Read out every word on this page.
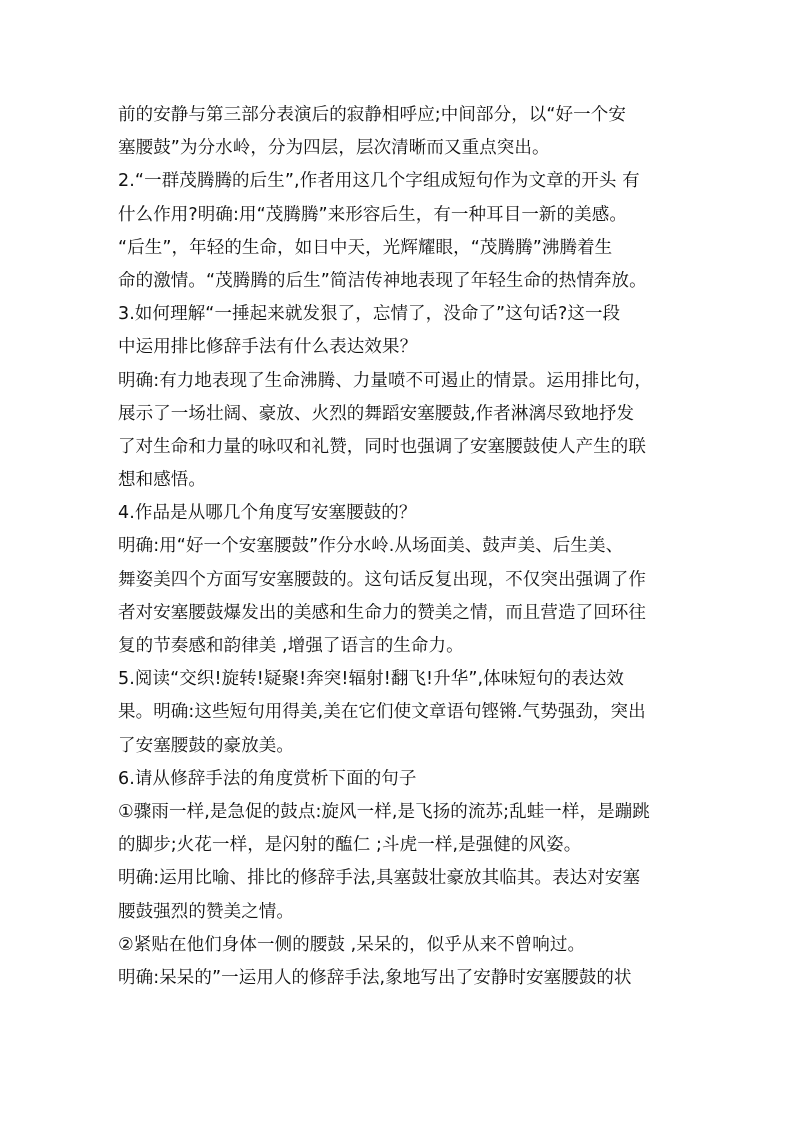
前的安静与第三部分表演后的寂静相呼应;中间部分，以“好一个安
塞腰鼓”为分水岭，分为四层，层次清晰而又重点突出。
2.“一群茂腾腾的后生”,作者用这几个字组成短句作为文章的开头 有
什么作用?明确:用“茂腾腾”来形容后生，有一种耳目一新的美感。
“后生”，年轻的生命，如日中天，光辉耀眼，“茂腾腾”沸腾着生
命的激情。“茂腾腾的后生”简洁传神地表现了年轻生命的热情奔放。
3.如何理解“一捶起来就发狠了，忘情了，没命了”这句话?这一段
中运用排比修辞手法有什么表达效果？
明确:有力地表现了生命沸腾、力量喷不可遏止的情景。运用排比句，
展示了一场壮阔、豪放、火烈的舞蹈安塞腰鼓,作者淋漓尽致地抒发
了对生命和力量的咏叹和礼赞，同时也强调了安塞腰鼓使人产生的联
想和感悟。
4.作品是从哪几个角度写安塞腰鼓的？
明确:用“好一个安塞腰鼓”作分水岭.从场面美、鼓声美、后生美、
舞姿美四个方面写安塞腰鼓的。这句话反复出现，不仅突出强调了作
者对安塞腰鼓爆发出的美感和生命力的赞美之情，而且营造了回环往
复的节奏感和韵律美 ,增强了语言的生命力。
5.阅读“交织!旋转!疑聚!奔突!辐射!翻飞!升华”,体味短句的表达效
果。明确:这些短句用得美,美在它们使文章语句铿锵.气势强劲，突出
了安塞腰鼓的豪放美。
6.请从修辞手法的角度赏析下面的句子
①骤雨一样,是急促的鼓点:旋风一样,是飞扬的流苏;乱蛙一样，是蹦跳
的脚步;火花一样，是闪射的醢仁 ;斗虎一样,是强健的风姿。
明确:运用比喻、排比的修辞手法,具塞鼓壮豪放其临其。表达对安塞
腰鼓强烈的赞美之情。
②紧贴在他们身体一侧的腰鼓 ,呆呆的，似乎从来不曾响过。
明确:呆呆的”一运用人的修辞手法,象地写出了安静时安塞腰鼓的状
